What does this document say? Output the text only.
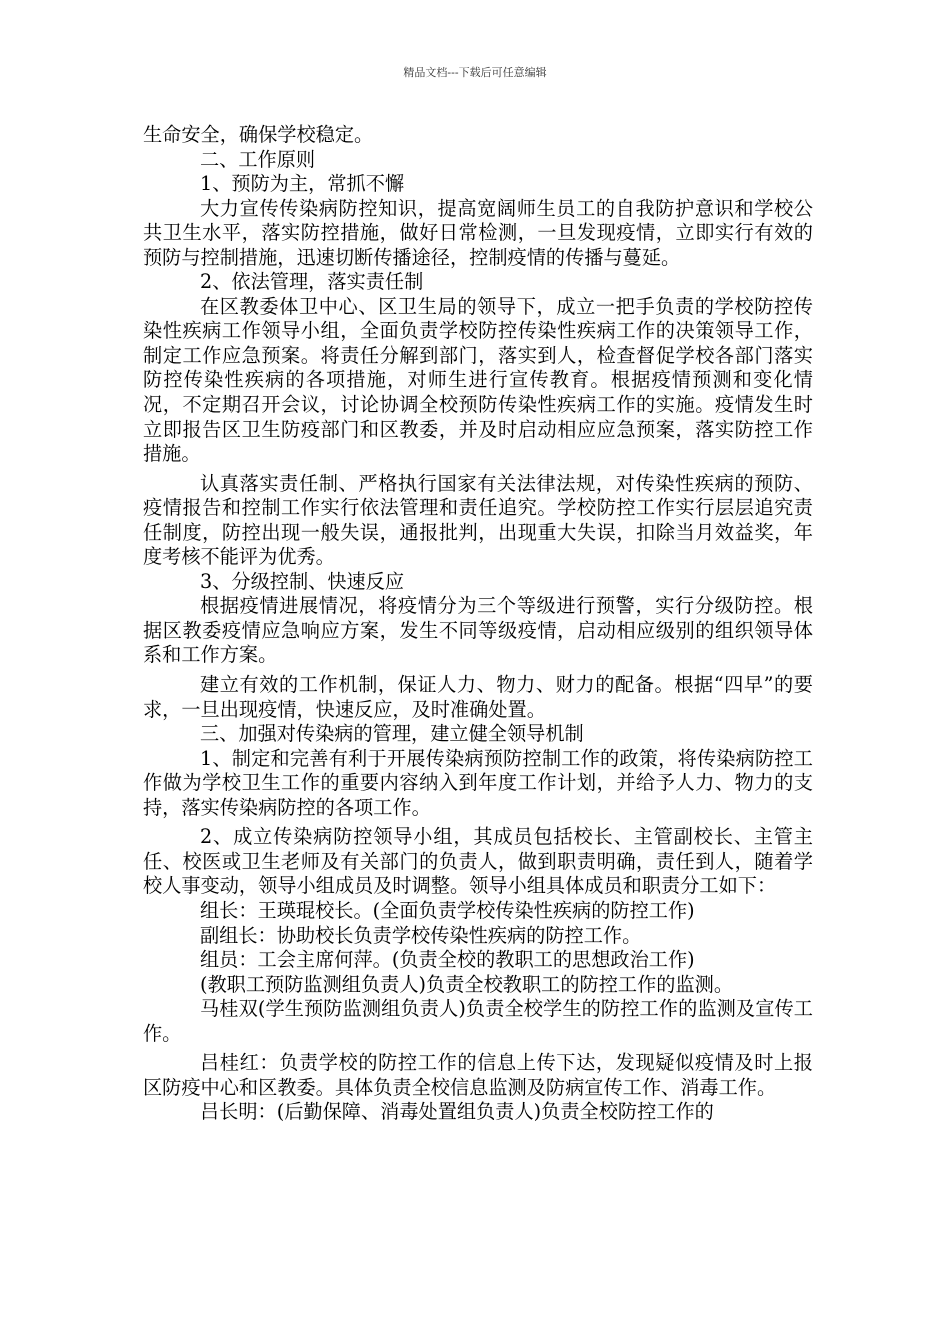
精品文档---下载后可任意编辑

生命安全，确保学校稳定。

二、工作原则

1、预防为主，常抓不懈

大力宣传传染病防控知识，提高宽阔师生员工的自我防护意识和学校公共卫生水平，落实防控措施，做好日常检测，一旦发现疫情，立即实行有效的预防与控制措施，迅速切断传播途径，控制疫情的传播与蔓延。

2、依法管理，落实责任制

在区教委体卫中心、区卫生局的领导下，成立一把手负责的学校防控传染性疾病工作领导小组，全面负责学校防控传染性疾病工作的决策领导工作，制定工作应急预案。将责任分解到部门，落实到人，检查督促学校各部门落实防控传染性疾病的各项措施，对师生进行宣传教育。根据疫情预测和变化情况，不定期召开会议，讨论协调全校预防传染性疾病工作的实施。疫情发生时立即报告区卫生防疫部门和区教委，并及时启动相应应急预案，落实防控工作措施。

认真落实责任制、严格执行国家有关法律法规，对传染性疾病的预防、疫情报告和控制工作实行依法管理和责任追究。学校防控工作实行层层追究责任制度，防控出现一般失误，通报批判，出现重大失误，扣除当月效益奖，年度考核不能评为优秀。

3、分级控制、快速反应

根据疫情进展情况，将疫情分为三个等级进行预警，实行分级防控。根据区教委疫情应急响应方案，发生不同等级疫情，启动相应级别的组织领导体系和工作方案。

建立有效的工作机制，保证人力、物力、财力的配备。根据“四早”的要求，一旦出现疫情，快速反应，及时准确处置。

三、加强对传染病的管理，建立健全领导机制

1、制定和完善有利于开展传染病预防控制工作的政策，将传染病防控工作做为学校卫生工作的重要内容纳入到年度工作计划，并给予人力、物力的支持，落实传染病防控的各项工作。

2、成立传染病防控领导小组，其成员包括校长、主管副校长、主管主任、校医或卫生老师及有关部门的负责人，做到职责明确，责任到人，随着学校人事变动，领导小组成员及时调整。领导小组具体成员和职责分工如下：

组长：王瑛琨校长。(全面负责学校传染性疾病的防控工作)

副组长：协助校长负责学校传染性疾病的防控工作。

组员：工会主席何萍。(负责全校的教职工的思想政治工作)

(教职工预防监测组负责人)负责全校教职工的防控工作的监测。

马桂双(学生预防监测组负责人)负责全校学生的防控工作的监测及宣传工作。

吕桂红：负责学校的防控工作的信息上传下达，发现疑似疫情及时上报区防疫中心和区教委。具体负责全校信息监测及防病宣传工作、消毒工作。

吕长明：(后勤保障、消毒处置组负责人)负责全校防控工作的
